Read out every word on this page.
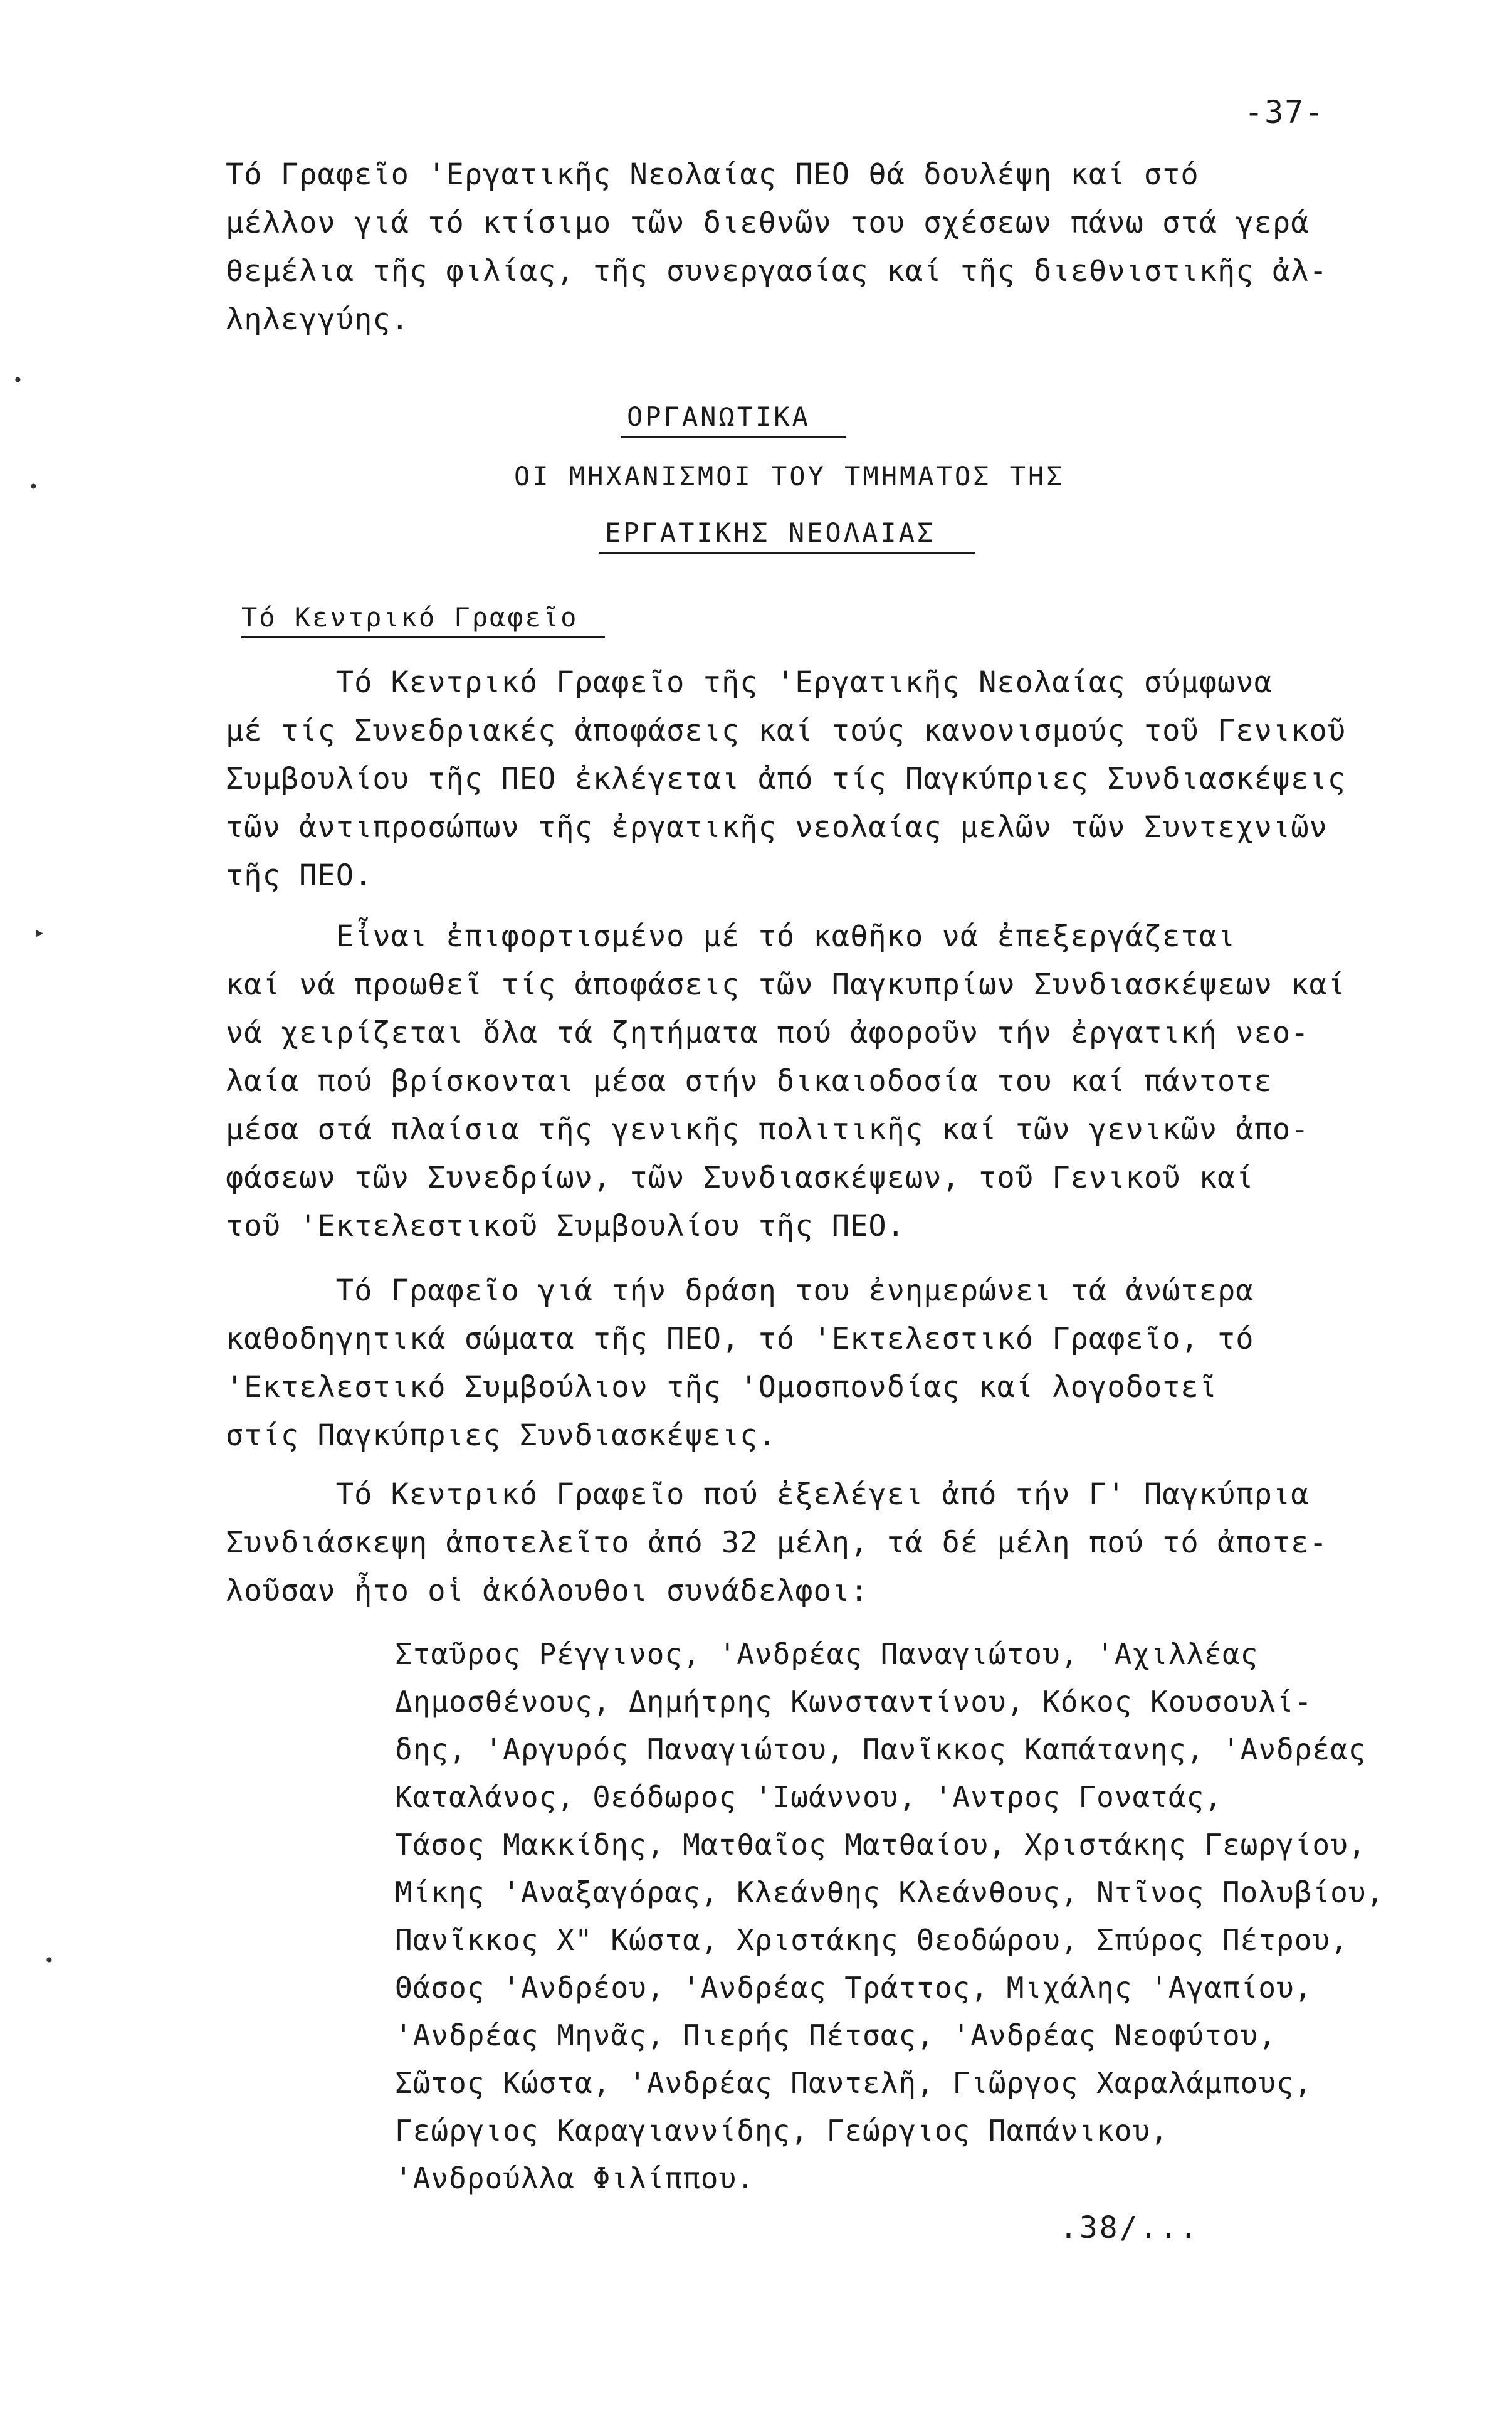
-37-
Τό Γραφεῖο 'Εργατικῆς Νεολαίας ΠΕΟ θά δουλέψη καί στό
μέλλον γιά τό κτίσιμο τῶν διεθνῶν του σχέσεων πάνω στά γερά
θεμέλια τῆς φιλίας, τῆς συνεργασίας καί τῆς διεθνιστικῆς ἀλ-
ληλεγγύης.
ΟΡΓΑΝΩΤΙΚΑ
ΟΙ ΜΗΧΑΝΙΣΜΟΙ ΤΟΥ ΤΜΗΜΑΤΟΣ ΤΗΣ
ΕΡΓΑΤΙΚΗΣ ΝΕΟΛΑΙΑΣ
Τό Κεντρικό Γραφεῖο
Τό Κεντρικό Γραφεῖο τῆς 'Εργατικῆς Νεολαίας σύμφωνα
μέ τίς Συνεδριακές ἀποφάσεις καί τούς κανονισμούς τοῦ Γενικοῦ
Συμβουλίου τῆς ΠΕΟ ἐκλέγεται ἀπό τίς Παγκύπριες Συνδιασκέψεις
τῶν ἀντιπροσώπων τῆς ἐργατικῆς νεολαίας μελῶν τῶν Συντεχνιῶν
τῆς ΠΕΟ.
Εἶναι ἐπιφορτισμένο μέ τό καθῆκο νά ἐπεξεργάζεται
καί νά προωθεῖ τίς ἀποφάσεις τῶν Παγκυπρίων Συνδιασκέψεων καί
νά χειρίζεται ὅλα τά ζητήματα πού ἀφοροῦν τήν ἐργατική νεο-
λαία πού βρίσκονται μέσα στήν δικαιοδοσία του καί πάντοτε
μέσα στά πλαίσια τῆς γενικῆς πολιτικῆς καί τῶν γενικῶν ἀπο-
φάσεων τῶν Συνεδρίων, τῶν Συνδιασκέψεων, τοῦ Γενικοῦ καί
τοῦ 'Εκτελεστικοῦ Συμβουλίου τῆς ΠΕΟ.
Τό Γραφεῖο γιά τήν δράση του ἐνημερώνει τά ἀνώτερα
καθοδηγητικά σώματα τῆς ΠΕΟ, τό 'Εκτελεστικό Γραφεῖο, τό
'Εκτελεστικό Συμβούλιον τῆς 'Ομοσπονδίας καί λογοδοτεῖ
στίς Παγκύπριες Συνδιασκέψεις.
Τό Κεντρικό Γραφεῖο πού ἐξελέγει ἀπό τήν Γ' Παγκύπρια
Συνδιάσκεψη ἀποτελεῖτο ἀπό 32 μέλη, τά δέ μέλη πού τό ἀποτε-
λοῦσαν ἦτο οἱ ἀκόλουθοι συνάδελφοι:
Σταῦρος Ρέγγινος, 'Ανδρέας Παναγιώτου, 'Αχιλλέας
Δημοσθένους, Δημήτρης Κωνσταντίνου, Κόκος Κουσουλί-
δης, 'Αργυρός Παναγιώτου, Πανῖκκος Καπάτανης, 'Ανδρέας
Καταλάνος, Θεόδωρος 'Ιωάννου, 'Αντρος Γονατάς,
Τάσος Μακκίδης, Ματθαῖος Ματθαίου, Χριστάκης Γεωργίου,
Μίκης 'Αναξαγόρας, Κλεάνθης Κλεάνθους, Ντῖνος Πολυβίου,
Πανῖκκος Χ" Κώστα, Χριστάκης Θεοδώρου, Σπύρος Πέτρου,
Θάσος 'Ανδρέου, 'Ανδρέας Τράττος, Μιχάλης 'Αγαπίου,
'Ανδρέας Μηνᾶς, Πιερής Πέτσας, 'Ανδρέας Νεοφύτου,
Σῶτος Κώστα, 'Ανδρέας Παντελῆ, Γιῶργος Χαραλάμπους,
Γεώργιος Καραγιαννίδης, Γεώργιος Παπάνικου,
'Ανδρούλλα Φιλίππου.
.38/...
•
•
▸
•
